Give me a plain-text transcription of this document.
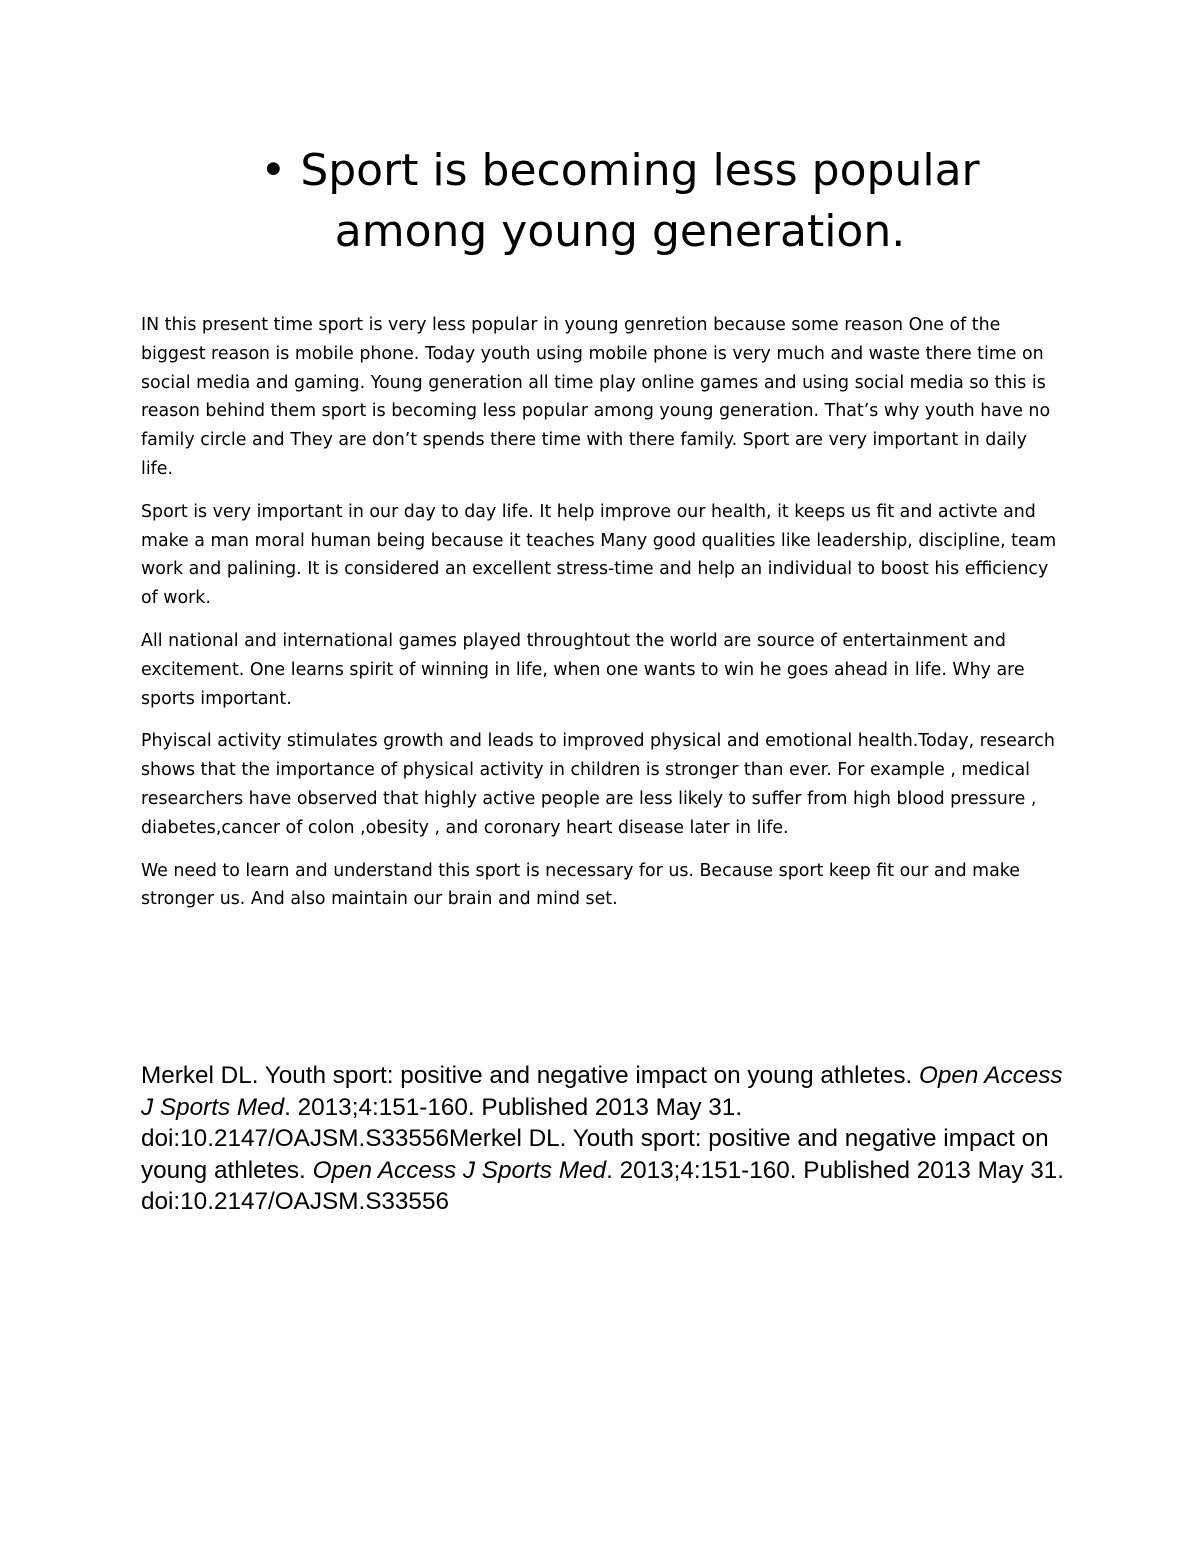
• Sport is becoming less popular among young generation.

IN this present time sport is very less popular in young genretion because some reason One of the biggest reason is mobile phone. Today youth using mobile phone is very much and waste there time on social media and gaming. Young generation all time play online games and using social media so this is reason behind them sport is becoming less popular among young generation. That’s why youth have no family circle and They are don’t spends there time with there family. Sport are very important in daily life.

Sport is very important in our day to day life. It help improve our health, it keeps us fit and activte and make a man moral human being because it teaches Many good qualities like leadership, discipline, team work and palining. It is considered an excellent stress-time and help an individual to boost his efficiency of work.

All national and international games played throughtout the world are source of entertainment and excitement. One learns spirit of winning in life, when one wants to win he goes ahead in life. Why are sports important.

Phyiscal activity stimulates growth and leads to improved physical and emotional health.Today, research shows that the importance of physical activity in children is stronger than ever. For example , medical researchers have observed that highly active people are less likely to suffer from high blood pressure , diabetes,cancer of colon ,obesity , and coronary heart disease later in life.

We need to learn and understand this sport is necessary for us. Because sport keep fit our and make stronger us. And also maintain our brain and mind set.

Merkel DL. Youth sport: positive and negative impact on young athletes. Open Access J Sports Med. 2013;4:151-160. Published 2013 May 31. doi:10.2147/OAJSM.S33556Merkel DL. Youth sport: positive and negative impact on young athletes. Open Access J Sports Med. 2013;4:151-160. Published 2013 May 31. doi:10.2147/OAJSM.S33556
